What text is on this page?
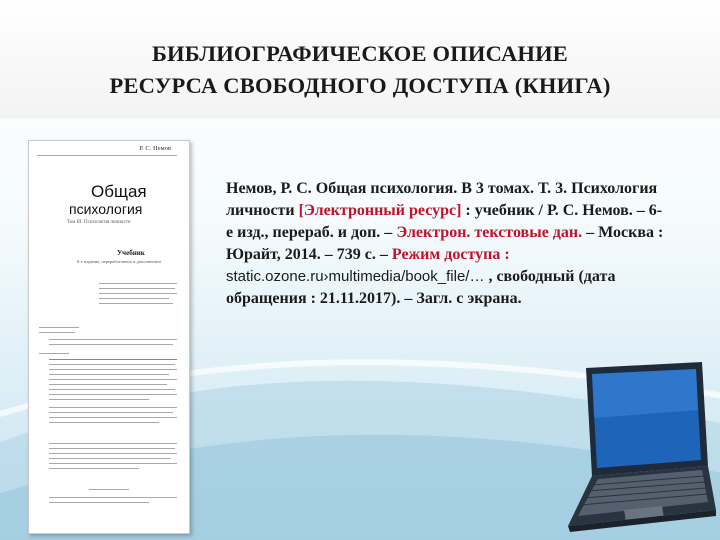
БИБЛИОГРАФИЧЕСКОЕ ОПИСАНИЕ
РЕСУРСА СВОБОДНОГО ДОСТУПА (КНИГА)
Р. С. Немов
Общая
психология
Том III. Психология личности
Учебник
6-е издание, переработанное и дополненное
Немов, Р. С. Общая психология. В 3 томах. Т. 3. Психология личности [Электронный ресурс] : учебник / Р. С. Немов. – 6-е изд., перераб. и доп. – Электрон. текстовые дан. – Москва : Юрайт, 2014. – 739 с. – Режим доступа : static.ozone.ru›multimedia/book_file/… , свободный (дата обращения : 21.11.2017). – Загл. с экрана.
